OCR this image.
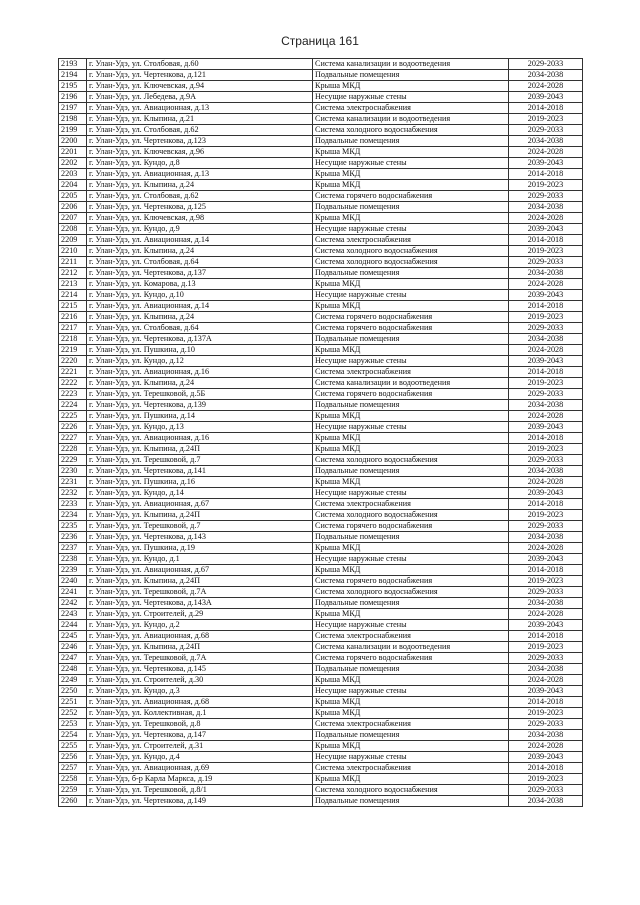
Страница 161
2193	г. Улан-Удэ, ул. Столбовая, д.60	Система канализации и водоотведения	2029-2033
2194	г. Улан-Удэ, ул. Чертенкова, д.121	Подвальные помещения	2034-2038
2195	г. Улан-Удэ, ул. Ключевская, д.94	Крыша МКД	2024-2028
2196	г. Улан-Удэ, ул. Лебедева, д.9А	Несущие наружные стены	2039-2043
2197	г. Улан-Удэ, ул. Авиационная, д.13	Система электроснабжения	2014-2018
2198	г. Улан-Удэ, ул. Клыпина, д.21	Система канализации и водоотведения	2019-2023
2199	г. Улан-Удэ, ул. Столбовая, д.62	Система холодного водоснабжения	2029-2033
2200	г. Улан-Удэ, ул. Чертенкова, д.123	Подвальные помещения	2034-2038
2201	г. Улан-Удэ, ул. Ключевская, д.96	Крыша МКД	2024-2028
2202	г. Улан-Удэ, ул. Кундо, д.8	Несущие наружные стены	2039-2043
2203	г. Улан-Удэ, ул. Авиационная, д.13	Крыша МКД	2014-2018
2204	г. Улан-Удэ, ул. Клыпина, д.24	Крыша МКД	2019-2023
2205	г. Улан-Удэ, ул. Столбовая, д.62	Система горячего водоснабжения	2029-2033
2206	г. Улан-Удэ, ул. Чертенкова, д.125	Подвальные помещения	2034-2038
2207	г. Улан-Удэ, ул. Ключевская, д.98	Крыша МКД	2024-2028
2208	г. Улан-Удэ, ул. Кундо, д.9	Несущие наружные стены	2039-2043
2209	г. Улан-Удэ, ул. Авиационная, д.14	Система электроснабжения	2014-2018
2210	г. Улан-Удэ, ул. Клыпина, д.24	Система холодного водоснабжения	2019-2023
2211	г. Улан-Удэ, ул. Столбовая, д.64	Система холодного водоснабжения	2029-2033
2212	г. Улан-Удэ, ул. Чертенкова, д.137	Подвальные помещения	2034-2038
2213	г. Улан-Удэ, ул. Комарова, д.13	Крыша МКД	2024-2028
2214	г. Улан-Удэ, ул. Кундо, д.10	Несущие наружные стены	2039-2043
2215	г. Улан-Удэ, ул. Авиационная, д.14	Крыша МКД	2014-2018
2216	г. Улан-Удэ, ул. Клыпина, д.24	Система горячего водоснабжения	2019-2023
2217	г. Улан-Удэ, ул. Столбовая, д.64	Система горячего водоснабжения	2029-2033
2218	г. Улан-Удэ, ул. Чертенкова, д.137А	Подвальные помещения	2034-2038
2219	г. Улан-Удэ, ул. Пушкина, д.10	Крыша МКД	2024-2028
2220	г. Улан-Удэ, ул. Кундо, д.12	Несущие наружные стены	2039-2043
2221	г. Улан-Удэ, ул. Авиационная, д.16	Система электроснабжения	2014-2018
2222	г. Улан-Удэ, ул. Клыпина, д.24	Система канализации и водоотведения	2019-2023
2223	г. Улан-Удэ, ул. Терешковой, д.5Б	Система горячего водоснабжения	2029-2033
2224	г. Улан-Удэ, ул. Чертенкова, д.139	Подвальные помещения	2034-2038
2225	г. Улан-Удэ, ул. Пушкина, д.14	Крыша МКД	2024-2028
2226	г. Улан-Удэ, ул. Кундо, д.13	Несущие наружные стены	2039-2043
2227	г. Улан-Удэ, ул. Авиационная, д.16	Крыша МКД	2014-2018
2228	г. Улан-Удэ, ул. Клыпина, д.24П	Крыша МКД	2019-2023
2229	г. Улан-Удэ, ул. Терешковой, д.7	Система холодного водоснабжения	2029-2033
2230	г. Улан-Удэ, ул. Чертенкова, д.141	Подвальные помещения	2034-2038
2231	г. Улан-Удэ, ул. Пушкина, д.16	Крыша МКД	2024-2028
2232	г. Улан-Удэ, ул. Кундо, д.14	Несущие наружные стены	2039-2043
2233	г. Улан-Удэ, ул. Авиационная, д.67	Система электроснабжения	2014-2018
2234	г. Улан-Удэ, ул. Клыпина, д.24П	Система холодного водоснабжения	2019-2023
2235	г. Улан-Удэ, ул. Терешковой, д.7	Система горячего водоснабжения	2029-2033
2236	г. Улан-Удэ, ул. Чертенкова, д.143	Подвальные помещения	2034-2038
2237	г. Улан-Удэ, ул. Пушкина, д.19	Крыша МКД	2024-2028
2238	г. Улан-Удэ, ул. Кундо, д.1	Несущие наружные стены	2039-2043
2239	г. Улан-Удэ, ул. Авиационная, д.67	Крыша МКД	2014-2018
2240	г. Улан-Удэ, ул. Клыпина, д.24П	Система горячего водоснабжения	2019-2023
2241	г. Улан-Удэ, ул. Терешковой, д.7А	Система холодного водоснабжения	2029-2033
2242	г. Улан-Удэ, ул. Чертенкова, д.143А	Подвальные помещения	2034-2038
2243	г. Улан-Удэ, ул. Строителей, д.29	Крыша МКД	2024-2028
2244	г. Улан-Удэ, ул. Кундо, д.2	Несущие наружные стены	2039-2043
2245	г. Улан-Удэ, ул. Авиационная, д.68	Система электроснабжения	2014-2018
2246	г. Улан-Удэ, ул. Клыпина, д.24П	Система канализации и водоотведения	2019-2023
2247	г. Улан-Удэ, ул. Терешковой, д.7А	Система горячего водоснабжения	2029-2033
2248	г. Улан-Удэ, ул. Чертенкова, д.145	Подвальные помещения	2034-2038
2249	г. Улан-Удэ, ул. Строителей, д.30	Крыша МКД	2024-2028
2250	г. Улан-Удэ, ул. Кундо, д.3	Несущие наружные стены	2039-2043
2251	г. Улан-Удэ, ул. Авиационная, д.68	Крыша МКД	2014-2018
2252	г. Улан-Удэ, ул. Коллективная, д.1	Крыша МКД	2019-2023
2253	г. Улан-Удэ, ул. Терешковой, д.8	Система электроснабжения	2029-2033
2254	г. Улан-Удэ, ул. Чертенкова, д.147	Подвальные помещения	2034-2038
2255	г. Улан-Удэ, ул. Строителей, д.31	Крыша МКД	2024-2028
2256	г. Улан-Удэ, ул. Кундо, д.4	Несущие наружные стены	2039-2043
2257	г. Улан-Удэ, ул. Авиационная, д.69	Система электроснабжения	2014-2018
2258	г. Улан-Удэ, б-р Карла Маркса, д.19	Крыша МКД	2019-2023
2259	г. Улан-Удэ, ул. Терешковой, д.8/1	Система холодного водоснабжения	2029-2033
2260	г. Улан-Удэ, ул. Чертенкова, д.149	Подвальные помещения	2034-2038
